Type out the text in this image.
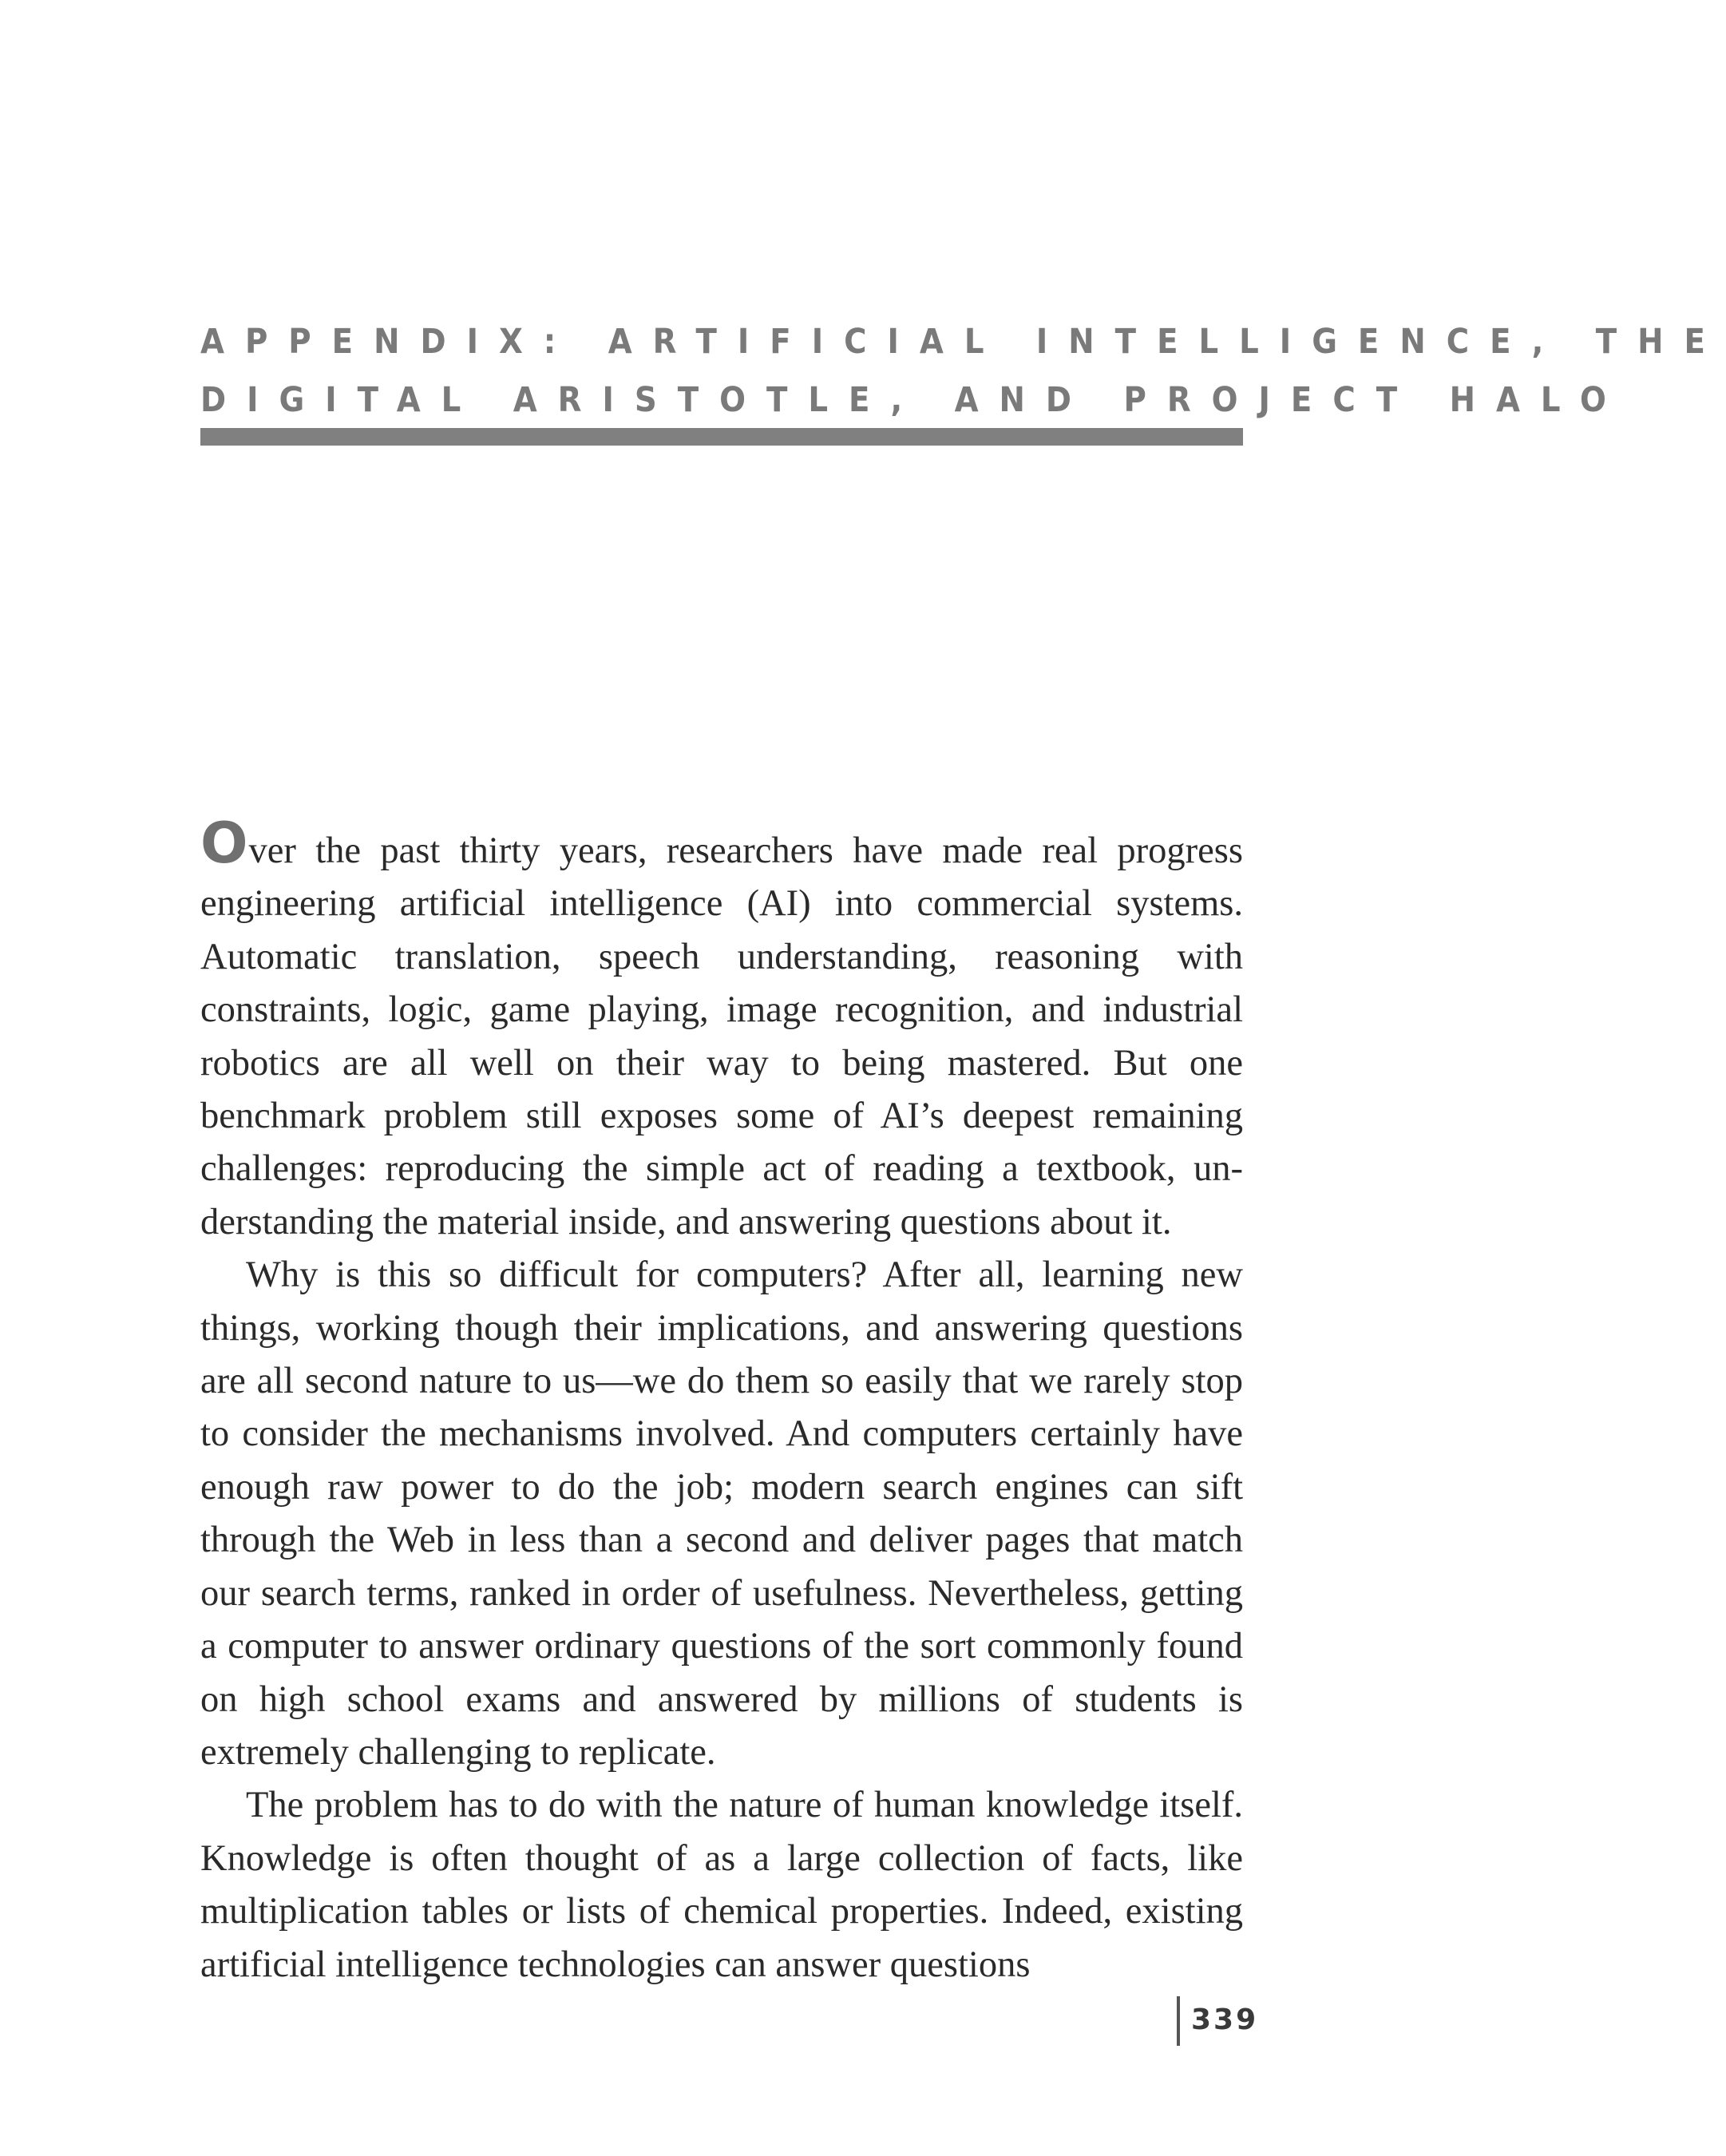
APPENDIX: ARTIFICIAL INTELLIGENCE, THE
DIGITAL ARISTOTLE, AND PROJECT HALO

Over the past thirty years, researchers have made real progress engineering artificial intelligence (AI) into commercial systems. Automatic translation, speech understanding, reasoning with constraints, logic, game playing, image recognition, and industrial robotics are all well on their way to being mastered. But one benchmark problem still exposes some of AI’s deepest remaining challenges: reproducing the simple act of reading a textbook, understanding the material inside, and answering questions about it.

Why is this so difficult for computers? After all, learning new things, working though their implications, and answering questions are all second nature to us—we do them so easily that we rarely stop to consider the mechanisms involved. And computers certainly have enough raw power to do the job; modern search engines can sift through the Web in less than a second and deliver pages that match our search terms, ranked in order of usefulness. Nevertheless, getting a computer to answer ordinary questions of the sort commonly found on high school exams and answered by millions of students is extremely challenging to replicate.

The problem has to do with the nature of human knowledge itself. Knowledge is often thought of as a large collection of facts, like multiplication tables or lists of chemical properties. Indeed, existing artificial intelligence technologies can answer questions

339
